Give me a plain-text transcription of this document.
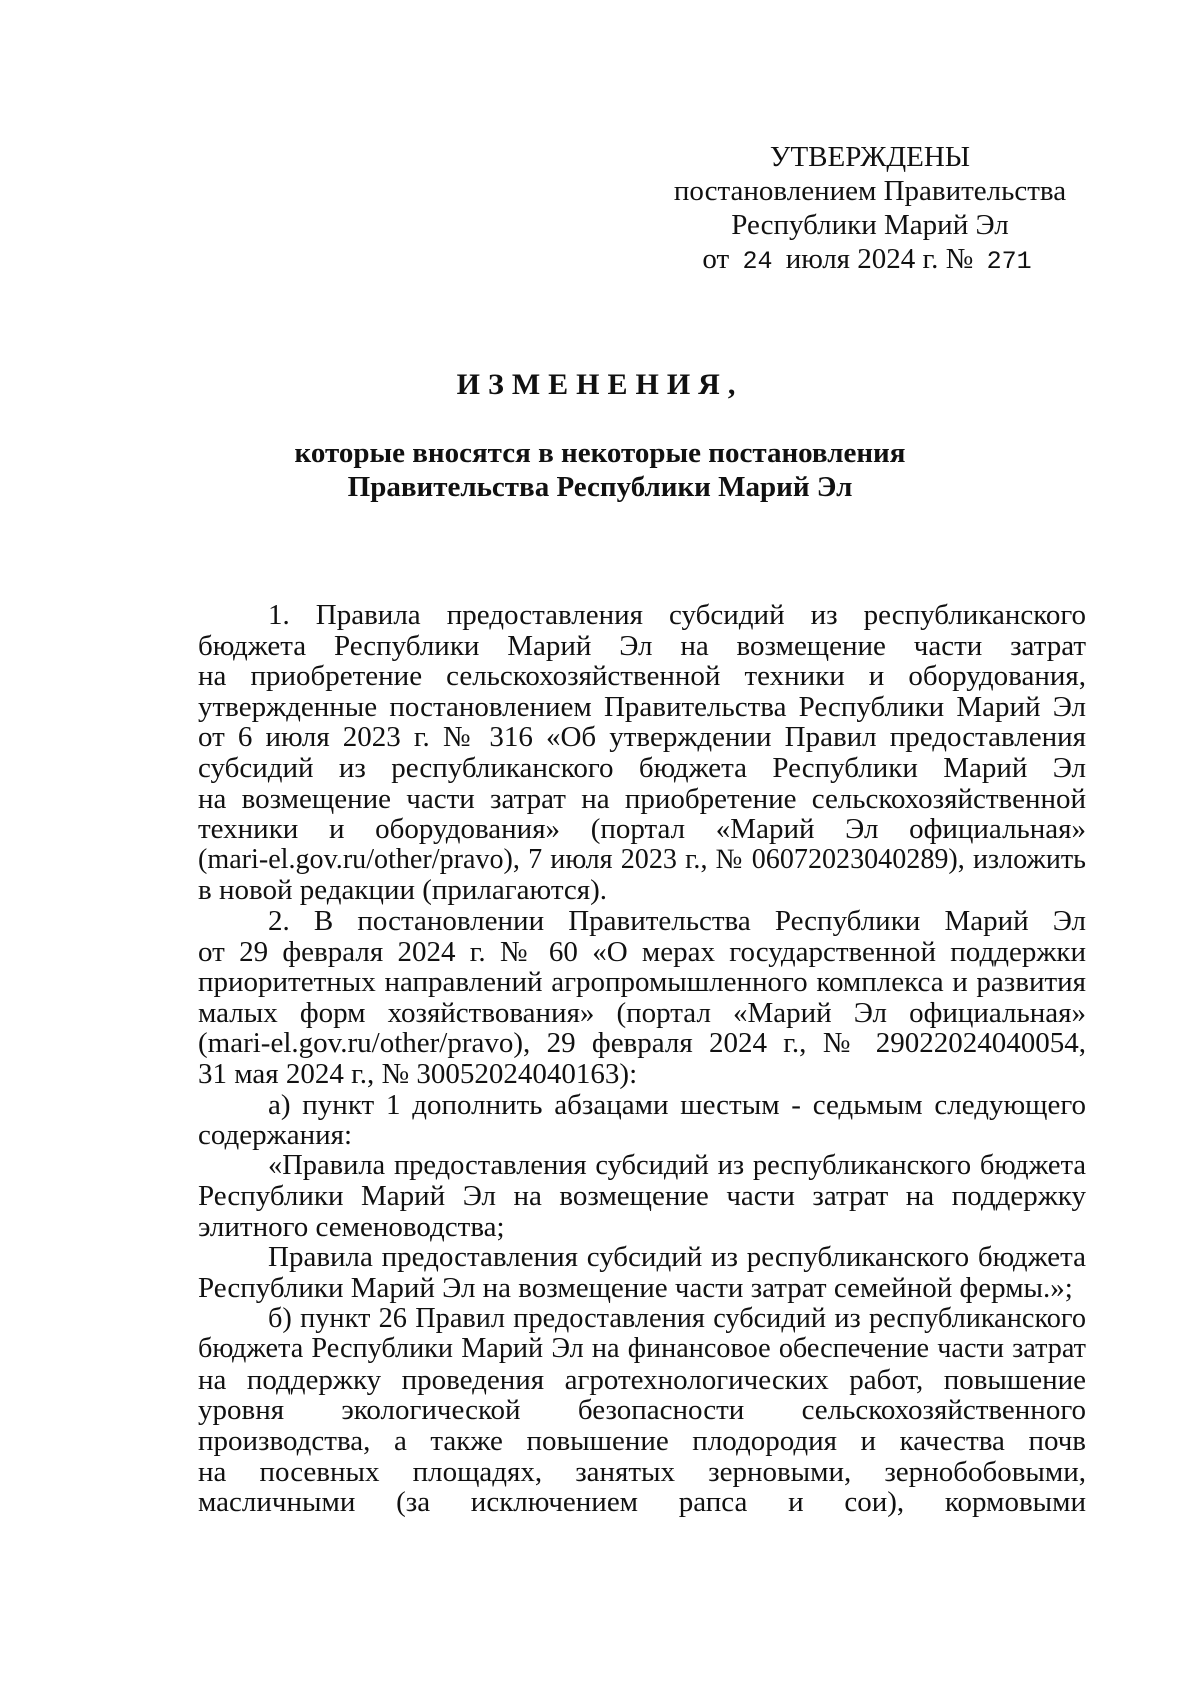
УТВЕРЖДЕНЫ
постановлением Правительства
Республики Марий Эл
от 24 июля 2024 г. № 271
ИЗМЕНЕНИЯ,
которые вносятся в некоторые постановления
Правительства Республики Марий Эл
1. Правила предоставления субсидий из республиканского
бюджета Республики Марий Эл на возмещение части затрат
на приобретение сельскохозяйственной техники и оборудования,
утвержденные постановлением Правительства Республики Марий Эл
от 6 июля 2023 г. № 316 «Об утверждении Правил предоставления
субсидий из республиканского бюджета Республики Марий Эл
на возмещение части затрат на приобретение сельскохозяйственной
техники и оборудования» (портал «Марий Эл официальная»
(mari-el.gov.ru/other/pravo), 7 июля 2023 г., № 06072023040289), изложить
в новой редакции (прилагаются).
2. В постановлении Правительства Республики Марий Эл
от 29 февраля 2024 г. № 60 «О мерах государственной поддержки
приоритетных направлений агропромышленного комплекса и развития
малых форм хозяйствования» (портал «Марий Эл официальная»
(mari-el.gov.ru/other/pravo), 29 февраля 2024 г., № 29022024040054,
31 мая 2024 г., № 30052024040163):
а) пункт 1 дополнить абзацами шестым - седьмым следующего
содержания:
«Правила предоставления субсидий из республиканского бюджета
Республики Марий Эл на возмещение части затрат на поддержку
элитного семеноводства;
Правила предоставления субсидий из республиканского бюджета
Республики Марий Эл на возмещение части затрат семейной фермы.»;
б) пункт 26 Правил предоставления субсидий из республиканского
бюджета Республики Марий Эл на финансовое обеспечение части затрат
на поддержку проведения агротехнологических работ, повышение
уровня экологической безопасности сельскохозяйственного
производства, а также повышение плодородия и качества почв
на посевных площадях, занятых зерновыми, зернобобовыми,
масличными (за исключением рапса и сои), кормовыми
